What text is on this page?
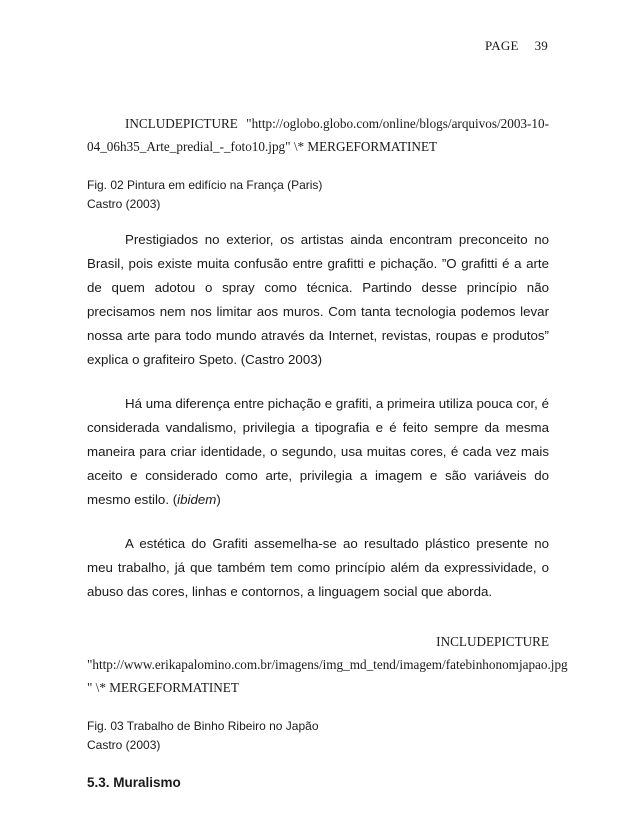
PAGE 39

INCLUDEPICTURE "http://oglobo.globo.com/online/blogs/arquivos/2003-10-04_06h35_Arte_predial_-_foto10.jpg" \* MERGEFORMATINET

Fig. 02 Pintura em edifício na França (Paris)

Castro (2003)

Prestigiados no exterior, os artistas ainda encontram preconceito no Brasil, pois existe muita confusão entre grafitti e pichação. ”O grafitti é a arte de quem adotou o spray como técnica. Partindo desse princípio não precisamos nem nos limitar aos muros. Com tanta tecnologia podemos levar nossa arte para todo mundo através da Internet, revistas, roupas e produtos” explica o grafiteiro Speto. (Castro 2003)

Há uma diferença entre pichação e grafiti, a primeira utiliza pouca cor, é considerada vandalismo, privilegia a tipografia e é feito sempre da mesma maneira para criar identidade, o segundo, usa muitas cores, é cada vez mais aceito e considerado como arte, privilegia a imagem e são variáveis do mesmo estilo. (ibidem)

A estética do Grafiti assemelha-se ao resultado plástico presente no meu trabalho, já que também tem como princípio além da expressividade, o abuso das cores, linhas e contornos, a linguagem social que aborda.

INCLUDEPICTURE
"http://www.erikapalomino.com.br/imagens/img_md_tend/imagem/fatebinhonomjapao.jpg
" \* MERGEFORMATINET

Fig. 03 Trabalho de Binho Ribeiro no Japão

Castro (2003)

5.3. Muralismo
